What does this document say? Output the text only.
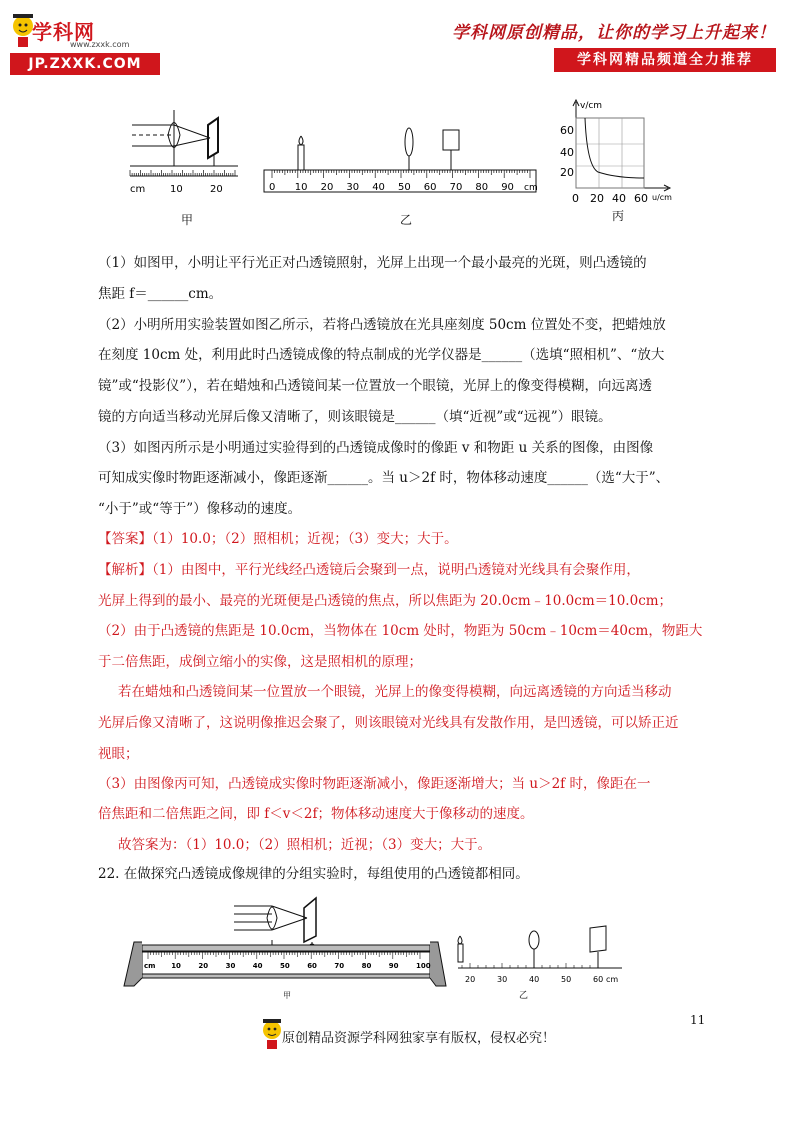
学科网
www.zxxk.com
JP.ZXXK.COM
学科网原创精品，让你的学习上升起来！
学科网精品频道全力推荐
cm 10	20
甲
0 10 20 30 40 50 60 70 80 90 cm
乙
v/cm
60
40
20
0 20 40 60 u/cm
丙

（1）如图甲，小明让平行光正对凸透镜照射，光屏上出现一个最小最亮的光斑，则凸透镜的

焦距 f＝______cm。

（2）小明所用实验装置如图乙所示，若将凸透镜放在光具座刻度 50cm 位置处不变，把蜡烛放

在刻度 10cm 处，利用此时凸透镜成像的特点制成的光学仪器是______（选填“照相机”、“放大

镜”或“投影仪”），若在蜡烛和凸透镜间某一位置放一个眼镜，光屏上的像变得模糊，向远离透

镜的方向适当移动光屏后像又清晰了，则该眼镜是______（填“近视”或“远视”）眼镜。

（3）如图丙所示是小明通过实验得到的凸透镜成像时的像距 v 和物距 u 关系的图像，由图像

可知成实像时物距逐渐减小，像距逐渐______。当 u＞2f 时，物体移动速度______（选“大于”、

“小于”或“等于”）像移动的速度。

【答案】（1）10.0；（2）照相机；近视；（3）变大；大于。

【解析】（1）由图中，平行光线经凸透镜后会聚到一点，说明凸透镜对光线具有会聚作用，

光屏上得到的最小、最亮的光斑便是凸透镜的焦点，所以焦距为 20.0cm﹣10.0cm＝10.0cm；

（2）由于凸透镜的焦距是 10.0cm，当物体在 10cm 处时，物距为 50cm﹣10cm＝40cm，物距大

于二倍焦距，成倒立缩小的实像，这是照相机的原理；

若在蜡烛和凸透镜间某一位置放一个眼镜，光屏上的像变得模糊，向远离透镜的方向适当移动

光屏后像又清晰了，这说明像推迟会聚了，则该眼镜对光线具有发散作用，是凹透镜，可以矫正近

视眼；

（3）由图像丙可知，凸透镜成实像时物距逐渐减小，像距逐渐增大；当 u＞2f 时，像距在一

倍焦距和二倍焦距之间，即 f＜v＜2f；物体移动速度大于像移动的速度。

故答案为：（1）10.0；（2）照相机；近视；（3）变大；大于。

22. 在做探究凸透镜成像规律的分组实验时，每组使用的凸透镜都相同。

cm 10 20 30 40 50 60 70 80 90 100
甲
20	30	40	50	60 cm
乙
11
原创精品资源学科网独家享有版权，侵权必究！
